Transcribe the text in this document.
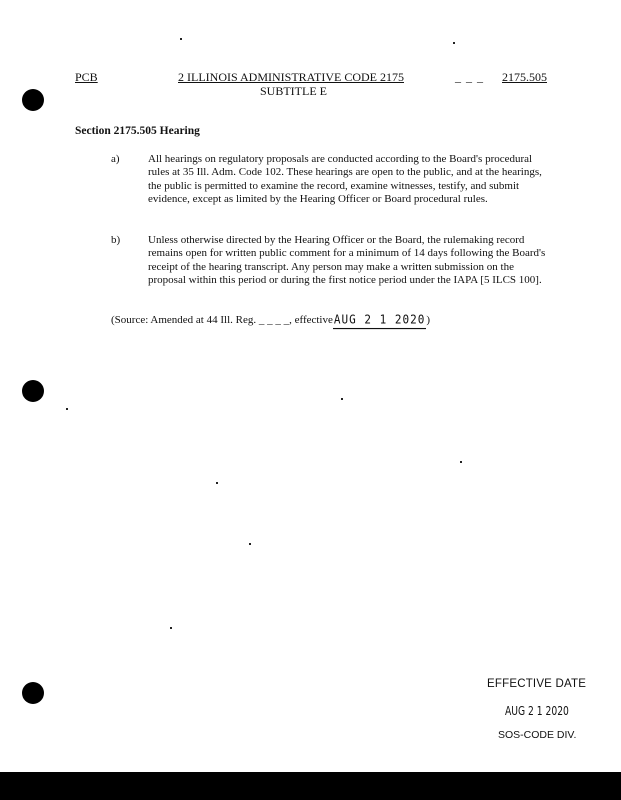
PCB	2 ILLINOIS ADMINISTRATIVE CODE 2175	_ _ _ 2175.505
SUBTITLE E
Section 2175.505 Hearing
a)	All hearings on regulatory proposals are conducted according to the Board's procedural rules at 35 Ill. Adm. Code 102. These hearings are open to the public, and at the hearings, the public is permitted to examine the record, examine witnesses, testify, and submit evidence, except as limited by the Hearing Officer or Board procedural rules.
b)	Unless otherwise directed by the Hearing Officer or the Board, the rulemaking record remains open for written public comment for a minimum of 14 days following the Board's receipt of the hearing transcript. Any person may make a written submission on the proposal within this period or during the first notice period under the IAPA [5 ILCS 100].
(Source: Amended at 44 Ill. Reg. _ _ _ _, effectiveAUG 2 1 2020)
EFFECTIVE DATE
AUG 2 1 2020
SOS-CODE DIV.
